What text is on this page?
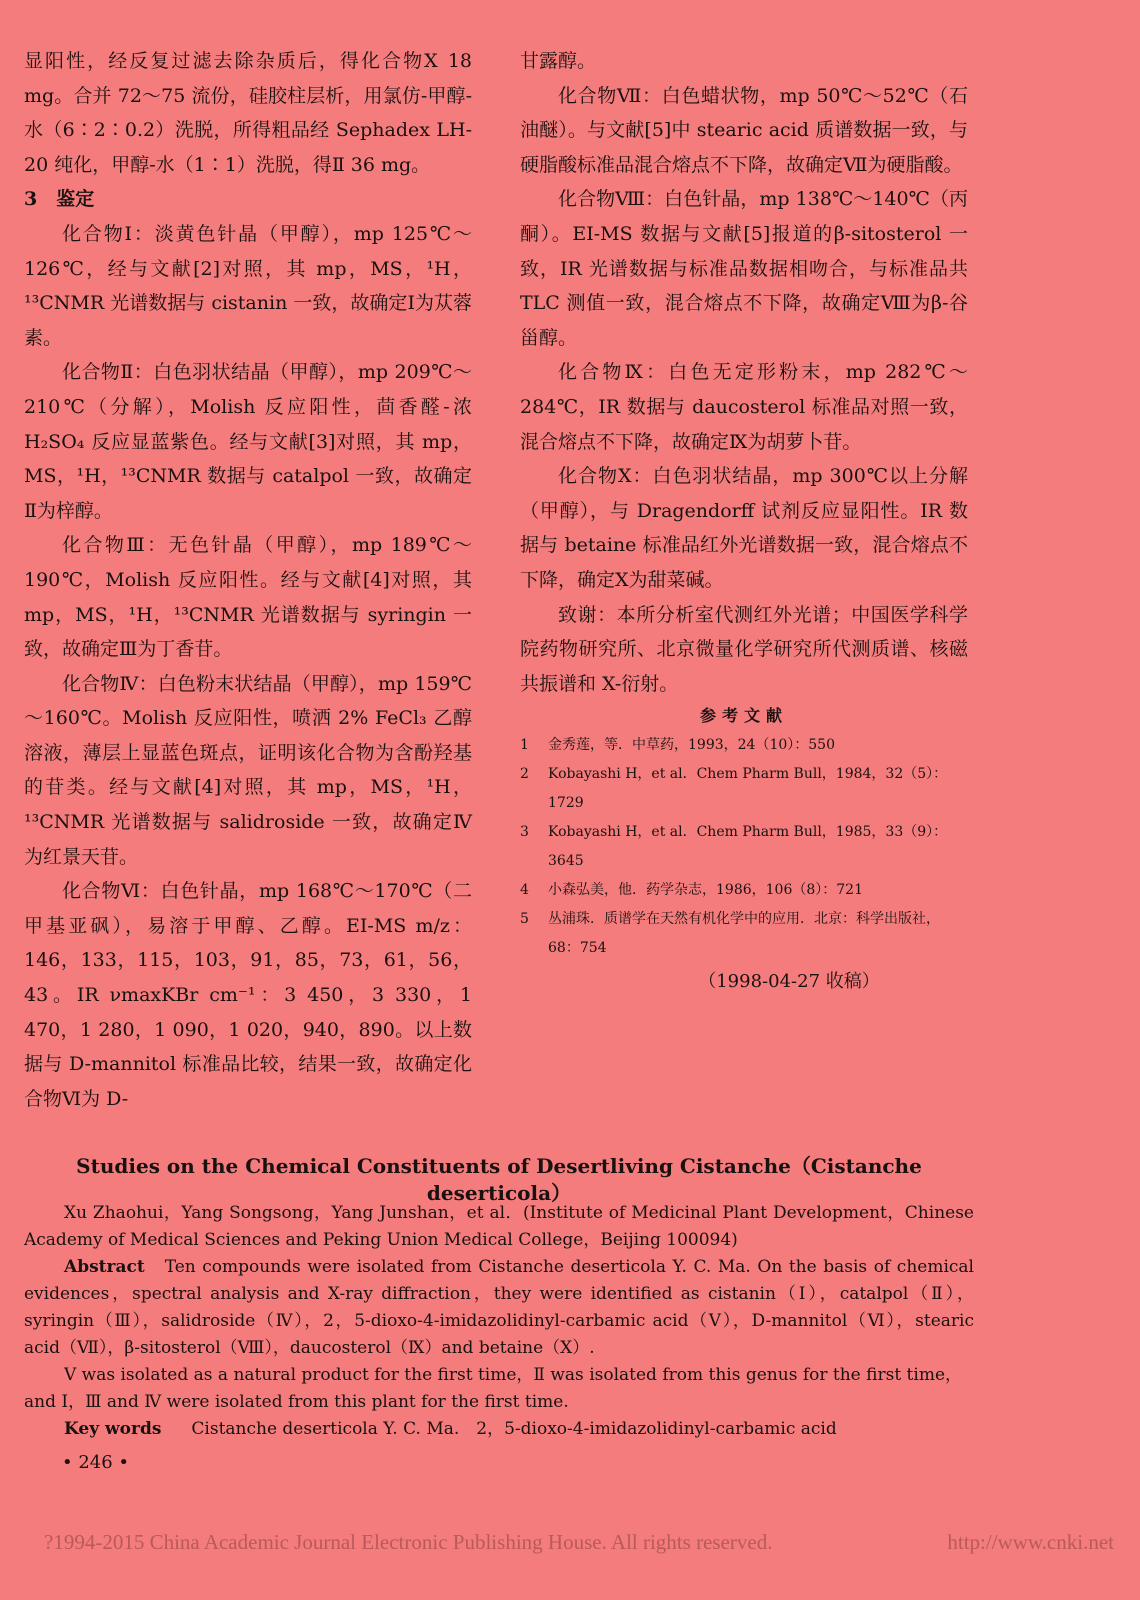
显阳性，经反复过滤去除杂质后，得化合物Ⅹ 18 mg。合并 72～75 流份，硅胶柱层析，用氯仿-甲醇-水（6∶2∶0.2）洗脱，所得粗品经 Sephadex LH-20 纯化，甲醇-水（1∶1）洗脱，得Ⅱ 36 mg。

3　鉴定

化合物Ⅰ：淡黄色针晶（甲醇），mp 125℃～126℃，经与文献[2]对照，其 mp，MS，¹H，¹³CNMR 光谱数据与 cistanin 一致，故确定Ⅰ为苁蓉素。

化合物Ⅱ：白色羽状结晶（甲醇），mp 209℃～210℃（分解），Molish 反应阳性，茴香醛-浓 H₂SO₄ 反应显蓝紫色。经与文献[3]对照，其 mp，MS，¹H，¹³CNMR 数据与 catalpol 一致，故确定Ⅱ为梓醇。

化合物Ⅲ：无色针晶（甲醇），mp 189℃～190℃，Molish 反应阳性。经与文献[4]对照，其 mp，MS，¹H，¹³CNMR 光谱数据与 syringin 一致，故确定Ⅲ为丁香苷。

化合物Ⅳ：白色粉末状结晶（甲醇），mp 159℃～160℃。Molish 反应阳性，喷洒 2% FeCl₃ 乙醇溶液，薄层上显蓝色斑点，证明该化合物为含酚羟基的苷类。经与文献[4]对照，其 mp，MS，¹H，¹³CNMR 光谱数据与 salidroside 一致，故确定Ⅳ为红景天苷。

化合物Ⅵ：白色针晶，mp 168℃～170℃（二甲基亚砜），易溶于甲醇、乙醇。EI-MS m/z：146，133，115，103，91，85，73，61，56，43。IR νmaxKBr cm⁻¹：3 450，3 330，1 470，1 280，1 090，1 020，940，890。以上数据与 D-mannitol 标准品比较，结果一致，故确定化合物Ⅵ为 D-

甘露醇。

化合物Ⅶ：白色蜡状物，mp 50℃～52℃（石油醚）。与文献[5]中 stearic acid 质谱数据一致，与硬脂酸标准品混合熔点不下降，故确定Ⅶ为硬脂酸。

化合物Ⅷ：白色针晶，mp 138℃～140℃（丙酮）。EI-MS 数据与文献[5]报道的β-sitosterol 一致，IR 光谱数据与标准品数据相吻合，与标准品共 TLC 测值一致，混合熔点不下降，故确定Ⅷ为β-谷甾醇。

化合物Ⅸ：白色无定形粉末，mp 282℃～284℃，IR 数据与 daucosterol 标准品对照一致，混合熔点不下降，故确定Ⅸ为胡萝卜苷。

化合物Ⅹ：白色羽状结晶，mp 300℃以上分解（甲醇），与 Dragendorff 试剂反应显阳性。IR 数据与 betaine 标准品红外光谱数据一致，混合熔点不下降，确定Ⅹ为甜菜碱。

致谢：本所分析室代测红外光谱；中国医学科学院药物研究所、北京微量化学研究所代测质谱、核磁共振谱和 X-衍射。

参考文献
1	金秀莲，等．中草药，1993，24（10）：550
2	Kobayashi H，et al．Chem Pharm Bull，1984，32（5）：1729
3	Kobayashi H，et al．Chem Pharm Bull，1985，33（9）：3645
4	小森弘美，他．药学杂志，1986，106（8）：721
5	丛浦珠．质谱学在天然有机化学中的应用．北京：科学出版社，68：754
（1998-04-27 收稿）
Studies on the Chemical Constituents of Desertliving Cistanche（Cistanche deserticola）
Xu Zhaohui，Yang Songsong，Yang Junshan，et al．(Institute of Medicinal Plant Development，Chinese Academy of Medical Sciences and Peking Union Medical College，Beijing 100094)
Abstract Ten compounds were isolated from Cistanche deserticola Y. C. Ma. On the basis of chemical evidences，spectral analysis and X-ray diffraction，they were identified as cistanin（Ⅰ），catalpol（Ⅱ），syringin（Ⅲ），salidroside（Ⅳ），2，5-dioxo-4-imidazolidinyl-carbamic acid（Ⅴ），D-mannitol（Ⅵ），stearic acid（Ⅶ），β-sitosterol（Ⅷ），daucosterol（Ⅸ）and betaine（Ⅹ）.
Ⅴ was isolated as a natural product for the first time，Ⅱ was isolated from this genus for the first time，and Ⅰ，Ⅲ and Ⅳ were isolated from this plant for the first time.
Key words Cistanche deserticola Y. C. Ma.　2，5-dioxo-4-imidazolidinyl-carbamic acid
• 246 •
?1994-2015 China Academic Journal Electronic Publishing House. All rights reserved.	http://www.cnki.net
